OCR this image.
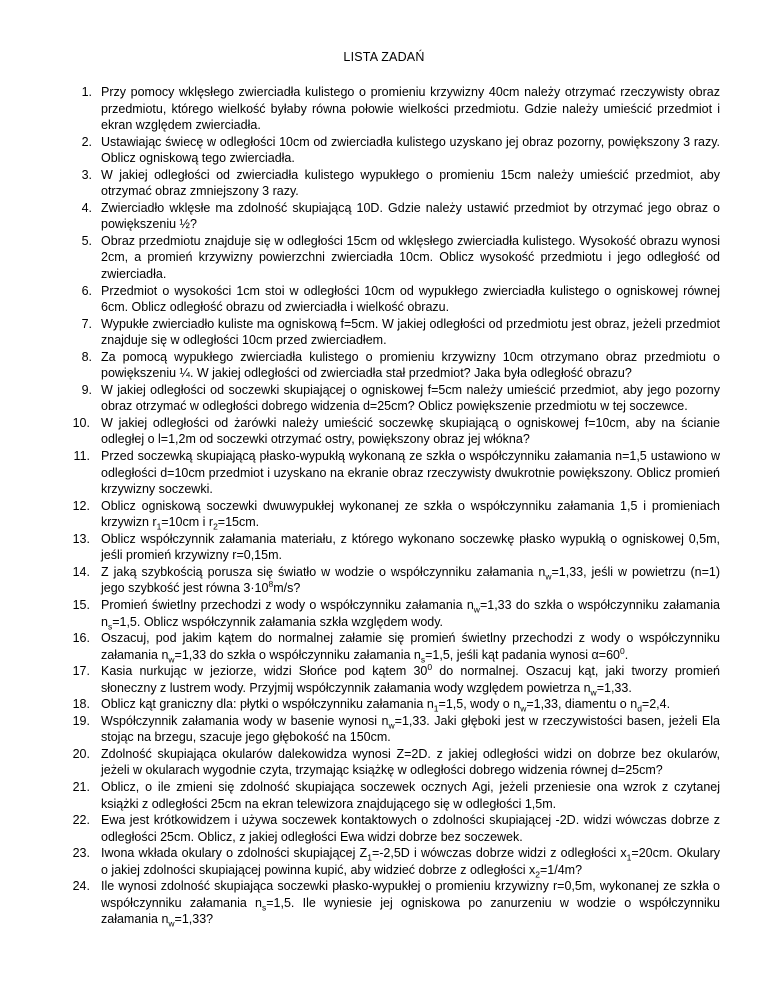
LISTA ZADAŃ
1. Przy pomocy wklęsłego zwierciadła kulistego o promieniu krzywizny 40cm należy otrzymać rzeczywisty obraz przedmiotu, którego wielkość byłaby równa połowie wielkości przedmiotu. Gdzie należy umieścić przedmiot i ekran względem zwierciadła.
2. Ustawiając świecę w odległości 10cm od zwierciadła kulistego uzyskano jej obraz pozorny, powiększony 3 razy. Oblicz ogniskową tego zwierciadła.
3. W jakiej odległości od zwierciadła kulistego wypukłego o promieniu 15cm należy umieścić przedmiot, aby otrzymać obraz zmniejszony 3 razy.
4. Zwierciadło wklęsłe ma zdolność skupiającą 10D. Gdzie należy ustawić przedmiot by otrzymać jego obraz o powiększeniu ½?
5. Obraz przedmiotu znajduje się w odległości 15cm od wklęsłego zwierciadła kulistego. Wysokość obrazu wynosi 2cm, a promień krzywizny powierzchni zwierciadła 10cm. Oblicz wysokość przedmiotu i jego odległość od zwierciadła.
6. Przedmiot o wysokości 1cm stoi w odległości 10cm od wypukłego zwierciadła kulistego o ogniskowej równej 6cm. Oblicz odległość obrazu od zwierciadła i wielkość obrazu.
7. Wypukłe zwierciadło kuliste ma ogniskową f=5cm. W jakiej odległości od przedmiotu jest obraz, jeżeli przedmiot znajduje się w odległości 10cm przed zwierciadłem.
8. Za pomocą wypukłego zwierciadła kulistego o promieniu krzywizny 10cm otrzymano obraz przedmiotu o powiększeniu ¼. W jakiej odległości od zwierciadła stał przedmiot? Jaka była odległość obrazu?
9. W jakiej odległości od soczewki skupiającej o ogniskowej f=5cm należy umieścić przedmiot, aby jego pozorny obraz otrzymać w odległości dobrego widzenia d=25cm? Oblicz powiększenie przedmiotu w tej soczewce.
10. W jakiej odległości od żarówki należy umieścić soczewkę skupiającą o ogniskowej f=10cm, aby na ścianie odległej o l=1,2m od soczewki otrzymać ostry, powiększony obraz jej włókna?
11. Przed soczewką skupiającą płasko-wypukłą wykonaną ze szkła o współczynniku załamania n=1,5 ustawiono w odległości d=10cm przedmiot i uzyskano na ekranie obraz rzeczywisty dwukrotnie powiększony. Oblicz promień krzywizny soczewki.
12. Oblicz ogniskową soczewki dwuwypukłej wykonanej ze szkła o współczynniku załamania 1,5 i promieniach krzywizn $r_1=10cm$ i $r_2=15cm$.
13. Oblicz współczynnik załamania materiału, z którego wykonano soczewkę płasko wypukłą o ogniskowej 0,5m, jeśli promień krzywizny r=0,15m.
14. Z jaką szybkością porusza się światło w wodzie o współczynniku załamania $n_w=1,33$, jeśli w powietrzu (n=1) jego szybkość jest równa $3\cdot 10^8m/s$?
15. Promień świetlny przechodzi z wody o współczynniku załamania $n_w=1,33$ do szkła o współczynniku załamania $n_s=1,5$. Oblicz współczynnik załamania szkła względem wody.
16. Oszacuj, pod jakim kątem do normalnej załamie się promień świetlny przechodzi z wody o współczynniku załamania $n_w=1,33$ do szkła o współczynniku załamania $n_s=1,5$, jeśli kąt padania wynosi $\alpha=60^0$.
17. Kasia nurkując w jeziorze, widzi Słońce pod kątem $30^0$ do normalnej. Oszacuj kąt, jaki tworzy promień słoneczny z lustrem wody. Przyjmij współczynnik załamania wody względem powietrza $n_w=1,33$.
18. Oblicz kąt graniczny dla: płytki o współczynniku załamania $n_1=1,5$, wody o $n_w=1,33$, diamentu o $n_d=2,4$.
19. Współczynnik załamania wody w basenie wynosi $n_w=1,33$. Jaki głęboki jest w rzeczywistości basen, jeżeli Ela stojąc na brzegu, szacuje jego głębokość na 150cm.
20. Zdolność skupiająca okularów dalekowidza wynosi Z=2D. z jakiej odległości widzi on dobrze bez okularów, jeżeli w okularach wygodnie czyta, trzymając książkę w odległości dobrego widzenia równej d=25cm?
21. Oblicz, o ile zmieni się zdolność skupiająca soczewek ocznych Agi, jeżeli przeniesie ona wzrok z czytanej książki z odległości 25cm na ekran telewizora znajdującego się w odległości 1,5m.
22. Ewa jest krótkowidzem i używa soczewek kontaktowych o zdolności skupiającej -2D. widzi wówczas dobrze z odległości 25cm. Oblicz, z jakiej odległości Ewa widzi dobrze bez soczewek.
23. Iwona wkłada okulary o zdolności skupiającej $Z_1=-2,5D$ i wówczas dobrze widzi z odległości $x_1=20cm$. Okulary o jakiej zdolności skupiającej powinna kupić, aby widzieć dobrze z odległości $x_2=1/4m$?
24. Ile wynosi zdolność skupiająca soczewki płasko-wypukłej o promieniu krzywizny r=0,5m, wykonanej ze szkła o współczynniku załamania $n_s=1,5$. Ile wyniesie jej ogniskowa po zanurzeniu w wodzie o współczynniku załamania $n_w=1,33$?
